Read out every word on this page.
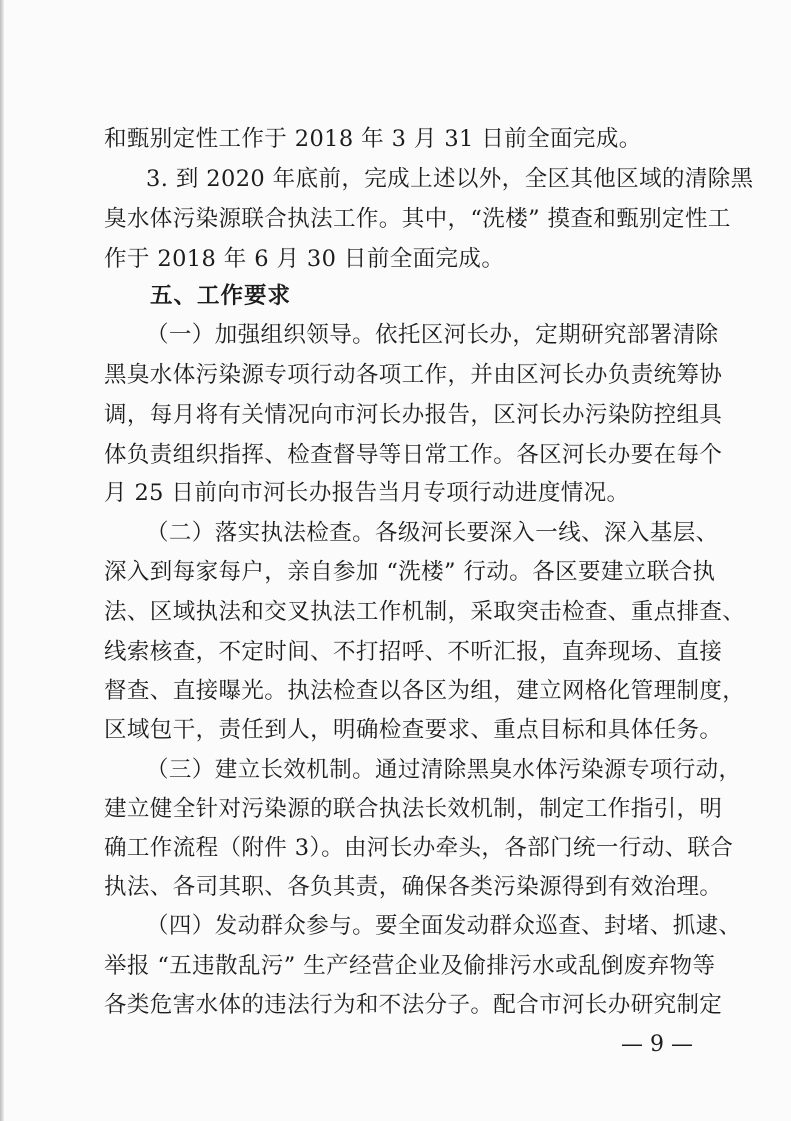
和甄别定性工作于 2018 年 3 月 31 日前全面完成。
3. 到 2020 年底前，完成上述以外，全区其他区域的清除黑
臭水体污染源联合执法工作。其中，“洗楼” 摸查和甄别定性工
作于 2018 年 6 月 30 日前全面完成。
五、工作要求
（一）加强组织领导。依托区河长办，定期研究部署清除
黑臭水体污染源专项行动各项工作，并由区河长办负责统筹协
调，每月将有关情况向市河长办报告，区河长办污染防控组具
体负责组织指挥、检查督导等日常工作。各区河长办要在每个
月 25 日前向市河长办报告当月专项行动进度情况。
（二）落实执法检查。各级河长要深入一线、深入基层、
深入到每家每户，亲自参加 “洗楼” 行动。各区要建立联合执
法、区域执法和交叉执法工作机制，采取突击检查、重点排查、
线索核查，不定时间、不打招呼、不听汇报，直奔现场、直接
督查、直接曝光。执法检查以各区为组，建立网格化管理制度，
区域包干，责任到人，明确检查要求、重点目标和具体任务。
（三）建立长效机制。通过清除黑臭水体污染源专项行动，
建立健全针对污染源的联合执法长效机制，制定工作指引，明
确工作流程（附件 3）。由河长办牵头，各部门统一行动、联合
执法、各司其职、各负其责，确保各类污染源得到有效治理。
（四）发动群众参与。要全面发动群众巡查、封堵、抓逮、
举报 “五违散乱污” 生产经营企业及偷排污水或乱倒废弃物等
各类危害水体的违法行为和不法分子。配合市河长办研究制定
— 9 —
